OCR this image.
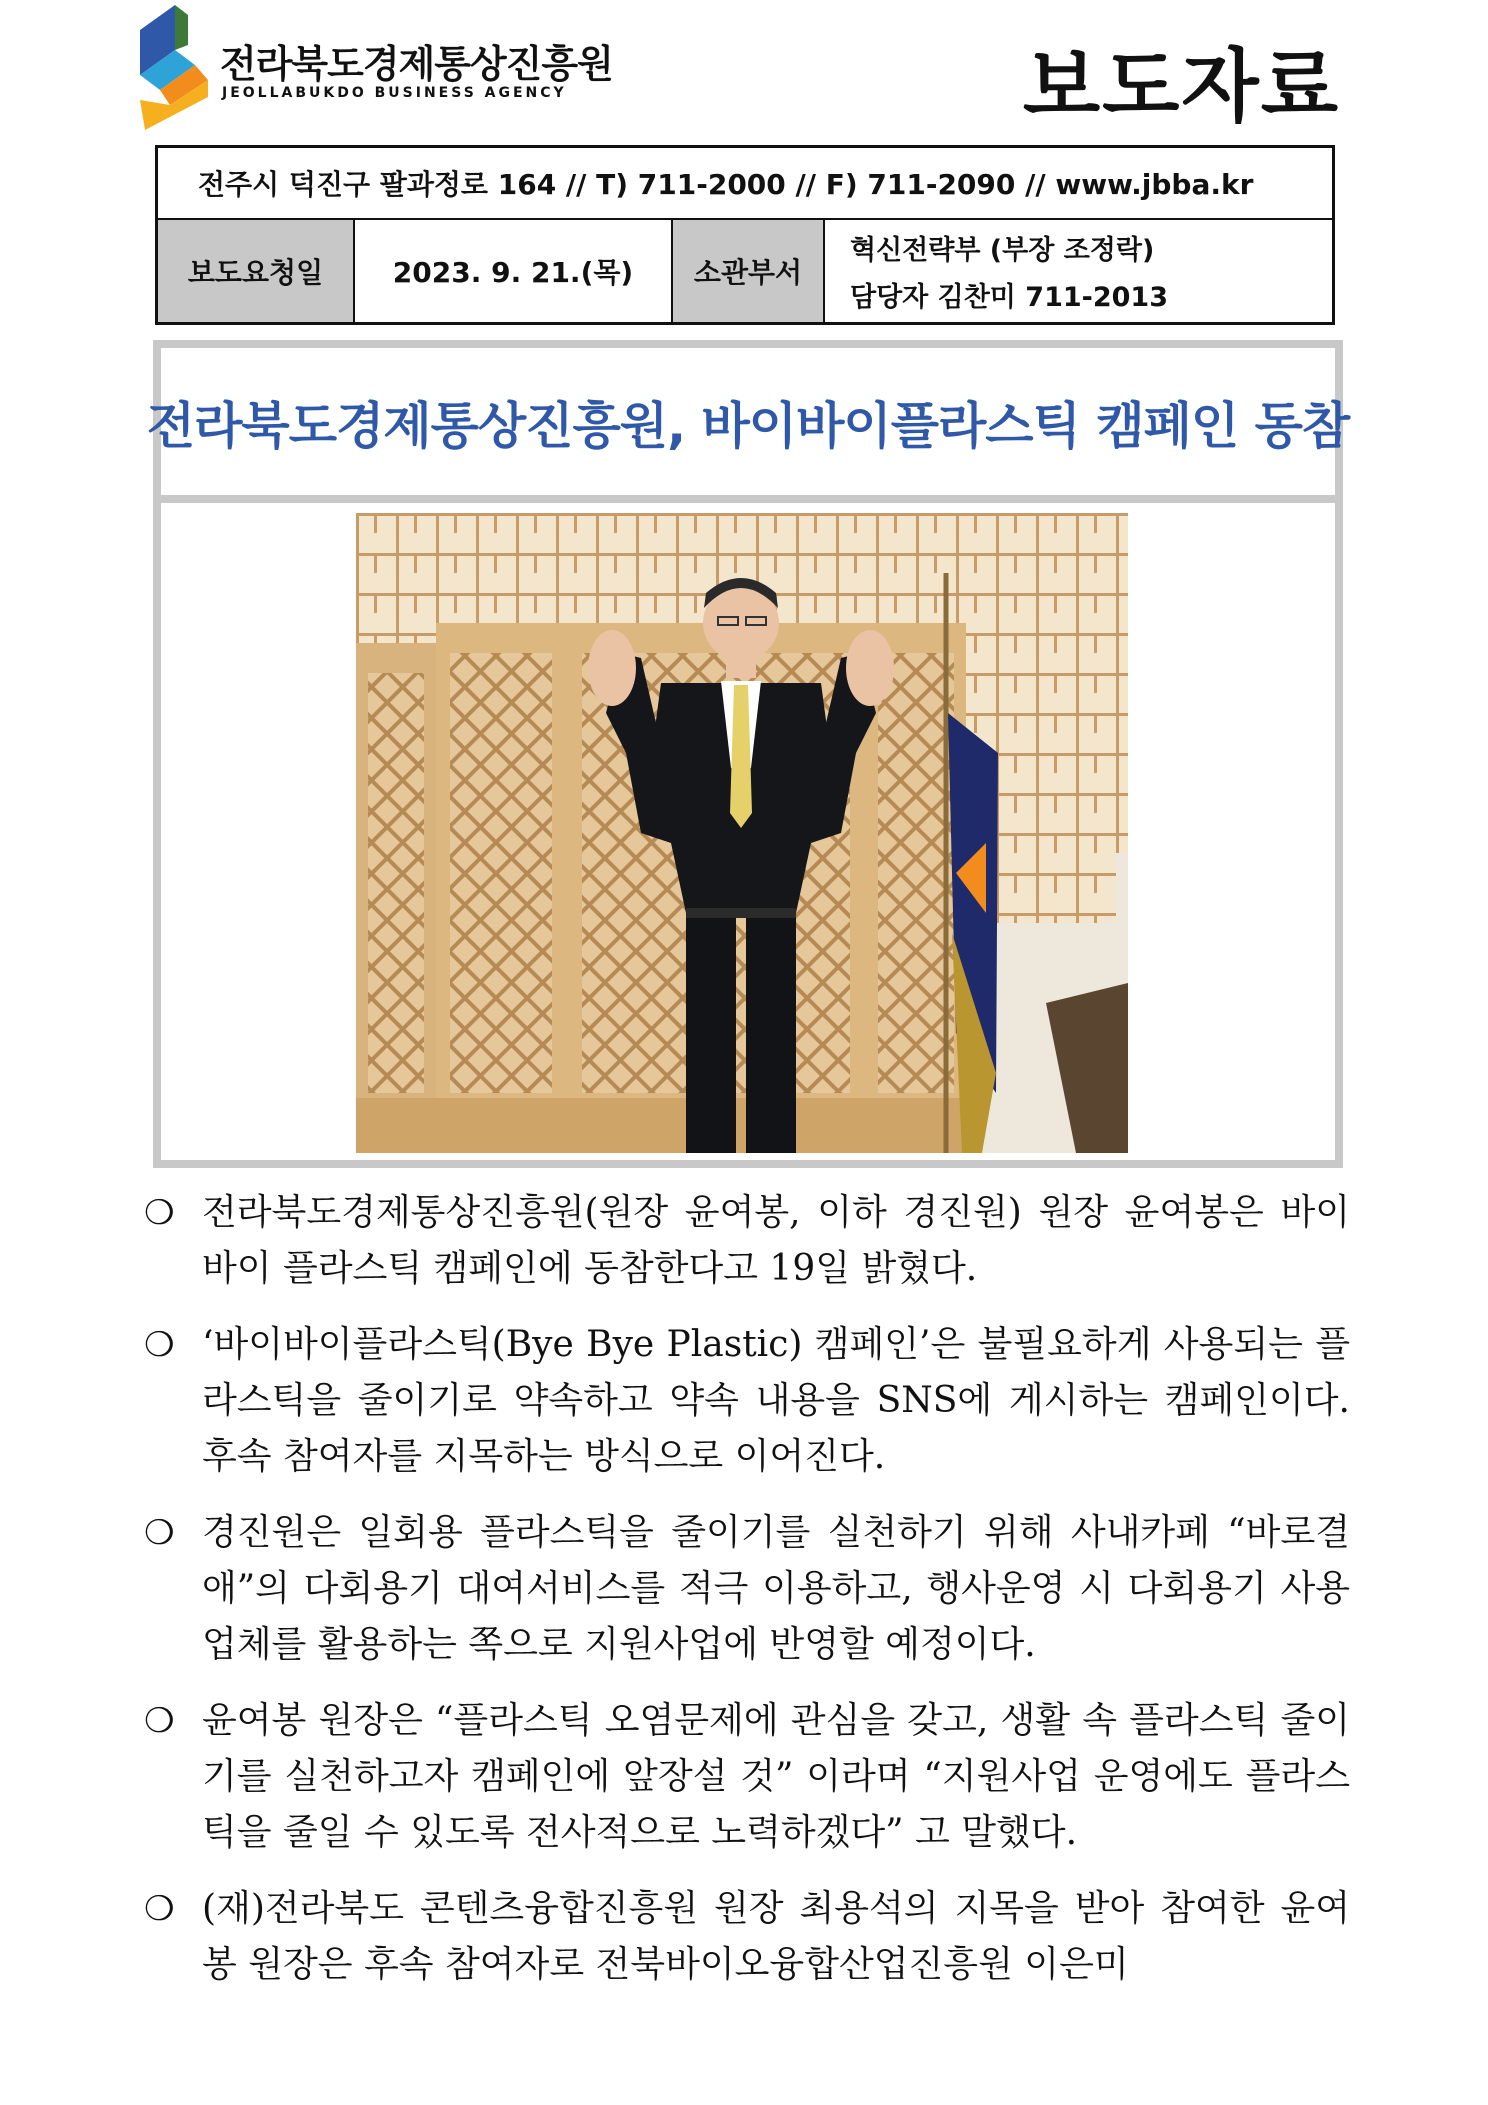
전라북도경제통상진흥원
JEOLLABUKDO BUSINESS AGENCY	보도자료
전주시 덕진구 팔과정로 164 // T) 711-2000 // F) 711-2090 // www.jbba.kr
보도요청일	2023. 9. 21.(목)	소관부서
혁신전략부 (부장 조정락)
담당자 김찬미 711-2013
전라북도경제통상진흥원, 바이바이플라스틱 캠페인 동참
❍ 전라북도경제통상진흥원(원장 윤여봉, 이하 경진원) 원장 윤여봉은 바이바이 플라스틱 캠페인에 동참한다고 19일 밝혔다.
❍ ‘바이바이플라스틱(Bye Bye Plastic) 캠페인’은 불필요하게 사용되는 플라스틱을 줄이기로 약속하고 약속 내용을 SNS에 게시하는 캠페인이다. 후속 참여자를 지목하는 방식으로 이어진다.
❍ 경진원은 일회용 플라스틱을 줄이기를 실천하기 위해 사내카페 “바로결애”의 다회용기 대여서비스를 적극 이용하고, 행사운영 시 다회용기 사용업체를 활용하는 쪽으로 지원사업에 반영할 예정이다.
❍ 윤여봉 원장은 “플라스틱 오염문제에 관심을 갖고, 생활 속 플라스틱 줄이기를 실천하고자 캠페인에 앞장설 것” 이라며 “지원사업 운영에도 플라스틱을 줄일 수 있도록 전사적으로 노력하겠다” 고 말했다.
❍ (재)전라북도 콘텐츠융합진흥원 원장 최용석의 지목을 받아 참여한 윤여봉 원장은 후속 참여자로 전북바이오융합산업진흥원 이은미
